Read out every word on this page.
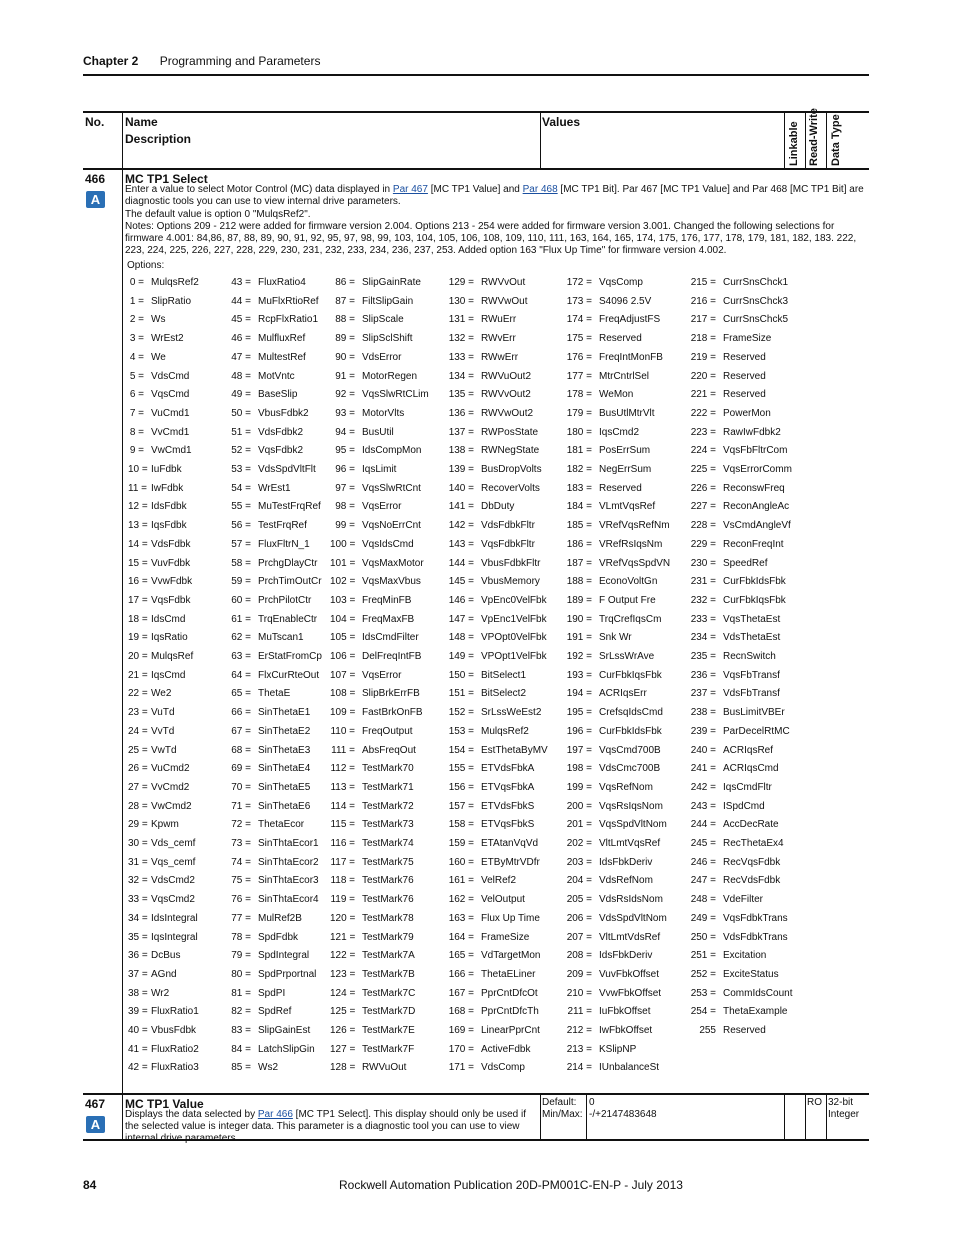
Chapter 2 Programming and Parameters
No. Name
Description
Values	Linkable Read-Write Data Type
466
A
MC TP1 Select
Enter a value to select Motor Control (MC) data displayed in Par 467 [MC TP1 Value] and Par 468 [MC TP1 Bit]. Par 467 [MC TP1 Value] and Par 468 [MC TP1 Bit] are diagnostic tools you can use to view internal drive parameters.
The default value is option 0 "MulqsRef2".
Notes: Options 209 - 212 were added for firmware version 2.004. Options 213 - 254 were added for firmware version 3.001. Changed the following selections for firmware 4.001: 84,86, 87, 88, 89, 90, 91, 92, 95, 97, 98, 99, 103, 104, 105, 106, 108, 109, 110, 111, 163, 164, 165, 174, 175, 176, 177, 178, 179, 181, 182, 183. 222, 223, 224, 225, 226, 227, 228, 229, 230, 231, 232, 233, 234, 236, 237, 253. Added option 163 "Flux Up Time" for firmware version 4.002.
Options:
0 = MulqsRef2
1 = SlipRatio
2 = Ws
3 = WrEst2
4 = We
5 = VdsCmd
6 = VqsCmd
7 = VuCmd1
8 = VvCmd1
9 = VwCmd1
10 = IuFdbk
11 = IwFdbk
12 = IdsFdbk
13 = IqsFdbk
14 = VdsFdbk
15 = VuvFdbk
16 = VvwFdbk
17 = VqsFdbk
18 = IdsCmd
19 = IqsRatio
20 = MulqsRef
21 = IqsCmd
22 = We2
23 = VuTd
24 = VvTd
25 = VwTd
26 = VuCmd2
27 = VvCmd2
28 = VwCmd2
29 = Kpwm
30 = Vds_cemf
31 = Vqs_cemf
32 = VdsCmd2
33 = VqsCmd2
34 = IdsIntegral
35 = IqsIntegral
36 = DcBus
37 = AGnd
38 = Wr2
39 = FluxRatio1
40 = VbusFdbk
41 = FluxRatio2
42 = FluxRatio3
43 = FluxRatio4
44 = MuFlxRtioRef
45 = RcpFlxRatio1
46 = MulfluxRef
47 = MultestRef
48 = MotVntc
49 = BaseSlip
50 = VbusFdbk2
51 = VdsFdbk2
52 = VqsFdbk2
53 = VdsSpdVltFlt
54 = WrEst1
55 = MuTestFrqRef
56 = TestFrqRef
57 = FluxFltrN_1
58 = PrchgDlayCtr
59 = PrchTimOutCr
60 = PrchPilotCtr
61 = TrqEnableCtr
62 = MuTscan1
63 = ErStatFromCp
64 = FlxCurRteOut
65 = ThetaE
66 = SinThetaE1
67 = SinThetaE2
68 = SinThetaE3
69 = SinThetaE4
70 = SinThetaE5
71 = SinThetaE6
72 = ThetaEcor
73 = SinThtaEcor1
74 = SinThtaEcor2
75 = SinThtaEcor3
76 = SinThtaEcor4
77 = MulRef2B
78 = SpdFdbk
79 = SpdIntegral
80 = SpdPrportnal
81 = SpdPI
82 = SpdRef
83 = SlipGainEst
84 = LatchSlipGin
85 = Ws2
86 = SlipGainRate
87 = FiltSlipGain
88 = SlipScale
89 = SlipSclShift
90 = VdsError
91 = MotorRegen
92 = VqsSlwRtCLim
93 = MotorVlts
94 = BusUtil
95 = IdsCompMon
96 = IqsLimit
97 = VqsSlwRtCnt
98 = VqsError
99 = VqsNoErrCnt
100 = VqsIdsCmd
101 = VqsMaxMotor
102 = VqsMaxVbus
103 = FreqMinFB
104 = FreqMaxFB
105 = IdsCmdFilter
106 = DelFreqIntFB
107 = VqsError
108 = SlipBrkErrFB
109 = FastBrkOnFB
110 = FreqOutput
111 = AbsFreqOut
112 = TestMark70
113 = TestMark71
114 = TestMark72
115 = TestMark73
116 = TestMark74
117 = TestMark75
118 = TestMark76
119 = TestMark76
120 = TestMark78
121 = TestMark79
122 = TestMark7A
123 = TestMark7B
124 = TestMark7C
125 = TestMark7D
126 = TestMark7E
127 = TestMark7F
128 = RWVuOut
129 = RWVvOut
130 = RWVwOut
131 = RWuErr
132 = RWvErr
133 = RWwErr
134 = RWVuOut2
135 = RWVvOut2
136 = RWVwOut2
137 = RWPosState
138 = RWNegState
139 = BusDropVolts
140 = RecoverVolts
141 = DbDuty
142 = VdsFdbkFltr
143 = VqsFdbkFltr
144 = VbusFdbkFltr
145 = VbusMemory
146 = VpEnc0VelFbk
147 = VpEnc1VelFbk
148 = VPOpt0VelFbk
149 = VPOpt1VelFbk
150 = BitSelect1
151 = BitSelect2
152 = SrLssWeEst2
153 = MulqsRef2
154 = EstThetaByMV
155 = ETVdsFbkA
156 = ETVqsFbkA
157 = ETVdsFbkS
158 = ETVqsFbkS
159 = ETAtanVqVd
160 = ETByMtrVDfr
161 = VelRef2
162 = VelOutput
163 = Flux Up Time
164 = FrameSize
165 = VdTargetMon
166 = ThetaELiner
167 = PprCntDfcOt
168 = PprCntDfcTh
169 = LinearPprCnt
170 = ActiveFdbk
171 = VdsComp
172 = VqsComp
173 = S4096 2.5V
174 = FreqAdjustFS
175 = Reserved
176 = FreqIntMonFB
177 = MtrCntrlSel
178 = WeMon
179 = BusUtlMtrVlt
180 = IqsCmd2
181 = PosErrSum
182 = NegErrSum
183 = Reserved
184 = VLmtVqsRef
185 = VRefVqsRefNm
186 = VRefRsIqsNm
187 = VRefVqsSpdVN
188 = EconoVoltGn
189 = F Output Fre
190 = TrqCrefIqsCm
191 = Snk Wr
192 = SrLssWrAve
193 = CurFbkIqsFbk
194 = ACRIqsErr
195 = CrefsqIdsCmd
196 = CurFbkIdsFbk
197 = VqsCmd700B
198 = VdsCmc700B
199 = VqsRefNom
200 = VqsRsIqsNom
201 = VqsSpdVltNom
202 = VltLmtVqsRef
203 = IdsFbkDeriv
204 = VdsRefNom
205 = VdsRsIdsNom
206 = VdsSpdVltNom
207 = VltLmtVdsRef
208 = IdsFbkDeriv
209 = VuvFbkOffset
210 = VvwFbkOffset
211 = IuFbkOffset
212 = IwFbkOffset
213 = KSlipNP
214 = IUnbalanceSt
215 = CurrSnsChck1
216 = CurrSnsChck3
217 = CurrSnsChck5
218 = FrameSize
219 = Reserved
220 = Reserved
221 = Reserved
222 = PowerMon
223 = RawIwFdbk2
224 = VqsFbFltrCom
225 = VqsErrorComm
226 = ReconswFreq
227 = ReconAngleAc
228 = VsCmdAngleVf
229 = ReconFreqInt
230 = SpeedRef
231 = CurFbkIdsFbk
232 = CurFbkIqsFbk
233 = VqsThetaEst
234 = VdsThetaEst
235 = RecnSwitch
236 = VqsFbTransf
237 = VdsFbTransf
238 = BusLimitVBEr
239 = ParDecelRtMC
240 = ACRIqsRef
241 = ACRIqsCmd
242 = IqsCmdFltr
243 = ISpdCmd
244 = AccDecRate
245 = RecThetaEx4
246 = RecVqsFdbk
247 = RecVdsFdbk
248 = VdeFilter
249 = VqsFdbkTrans
250 = VdsFdbkTrans
251 = Excitation
252 = ExciteStatus
253 = CommIdsCount
254 = ThetaExample
255 Reserved
467
A
MC TP1 Value
Displays the data selected by Par 466 [MC TP1 Select]. This display should only be used if the selected value is integer data. This parameter is a diagnostic tool you can use to view
Default:
Min/Max:
0
-/+2147483648
RO 32-bit Integer
84	Rockwell Automation Publication 20D-PM001C-EN-P - July 2013
